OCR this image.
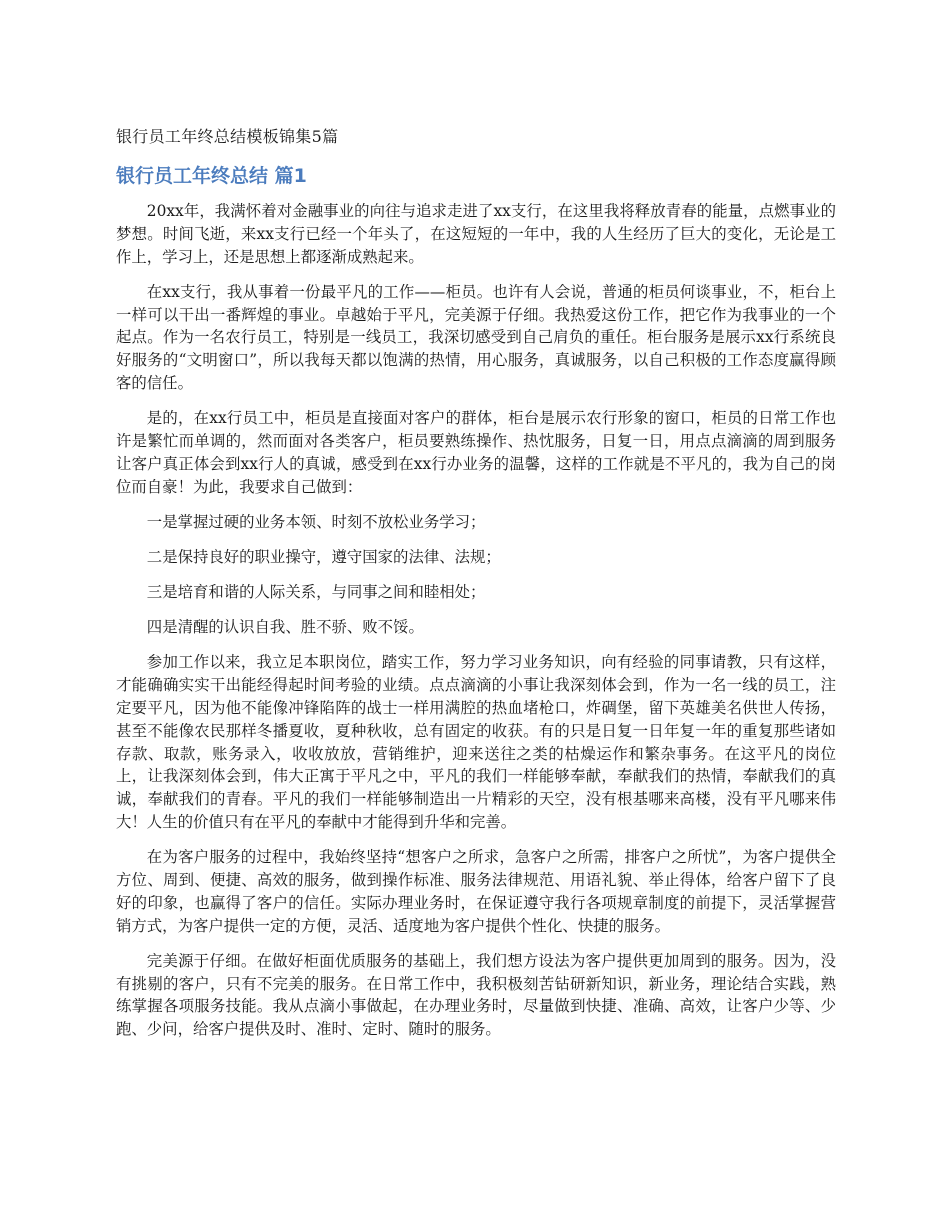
银行员工年终总结模板锦集5篇
银行员工年终总结 篇1

20xx年，我满怀着对金融事业的向往与追求走进了xx支行，在这里我将释放青春的能量，点燃事业的梦想。时间飞逝，来xx支行已经一个年头了，在这短短的一年中，我的人生经历了巨大的变化，无论是工作上，学习上，还是思想上都逐渐成熟起来。

在xx支行，我从事着一份最平凡的工作——柜员。也许有人会说，普通的柜员何谈事业，不，柜台上一样可以干出一番辉煌的事业。卓越始于平凡，完美源于仔细。我热爱这份工作，把它作为我事业的一个起点。作为一名农行员工，特别是一线员工，我深切感受到自己肩负的重任。柜台服务是展示xx行系统良好服务的“文明窗口”，所以我每天都以饱满的热情，用心服务，真诚服务，以自己积极的工作态度赢得顾客的信任。

是的，在xx行员工中，柜员是直接面对客户的群体，柜台是展示农行形象的窗口，柜员的日常工作也许是繁忙而单调的，然而面对各类客户，柜员要熟练操作、热忱服务，日复一日，用点点滴滴的周到服务让客户真正体会到xx行人的真诚，感受到在xx行办业务的温馨，这样的工作就是不平凡的，我为自己的岗位而自豪！为此，我要求自己做到：

一是掌握过硬的业务本领、时刻不放松业务学习；

二是保持良好的职业操守，遵守国家的法律、法规；

三是培育和谐的人际关系，与同事之间和睦相处；

四是清醒的认识自我、胜不骄、败不馁。

参加工作以来，我立足本职岗位，踏实工作，努力学习业务知识，向有经验的同事请教，只有这样，才能确确实实干出能经得起时间考验的业绩。点点滴滴的小事让我深刻体会到，作为一名一线的员工，注定要平凡，因为他不能像冲锋陷阵的战士一样用满腔的热血堵枪口，炸碉堡，留下英雄美名供世人传扬，甚至不能像农民那样冬播夏收，夏种秋收，总有固定的收获。有的只是日复一日年复一年的重复那些诸如存款、取款，账务录入，收收放放，营销维护，迎来送往之类的枯燥运作和繁杂事务。在这平凡的岗位上，让我深刻体会到，伟大正寓于平凡之中，平凡的我们一样能够奉献，奉献我们的热情，奉献我们的真诚，奉献我们的青春。平凡的我们一样能够制造出一片精彩的天空，没有根基哪来高楼，没有平凡哪来伟大！人生的价值只有在平凡的奉献中才能得到升华和完善。

在为客户服务的过程中，我始终坚持“想客户之所求，急客户之所需，排客户之所忧”，为客户提供全方位、周到、便捷、高效的服务，做到操作标准、服务法律规范、用语礼貌、举止得体，给客户留下了良好的印象，也赢得了客户的信任。实际办理业务时，在保证遵守我行各项规章制度的前提下，灵活掌握营销方式，为客户提供一定的方便，灵活、适度地为客户提供个性化、快捷的服务。

完美源于仔细。在做好柜面优质服务的基础上，我们想方设法为客户提供更加周到的服务。因为，没有挑剔的客户，只有不完美的服务。在日常工作中，我积极刻苦钻研新知识，新业务，理论结合实践，熟练掌握各项服务技能。我从点滴小事做起，在办理业务时，尽量做到快捷、准确、高效，让客户少等、少跑、少问，给客户提供及时、准时、定时、随时的服务。
